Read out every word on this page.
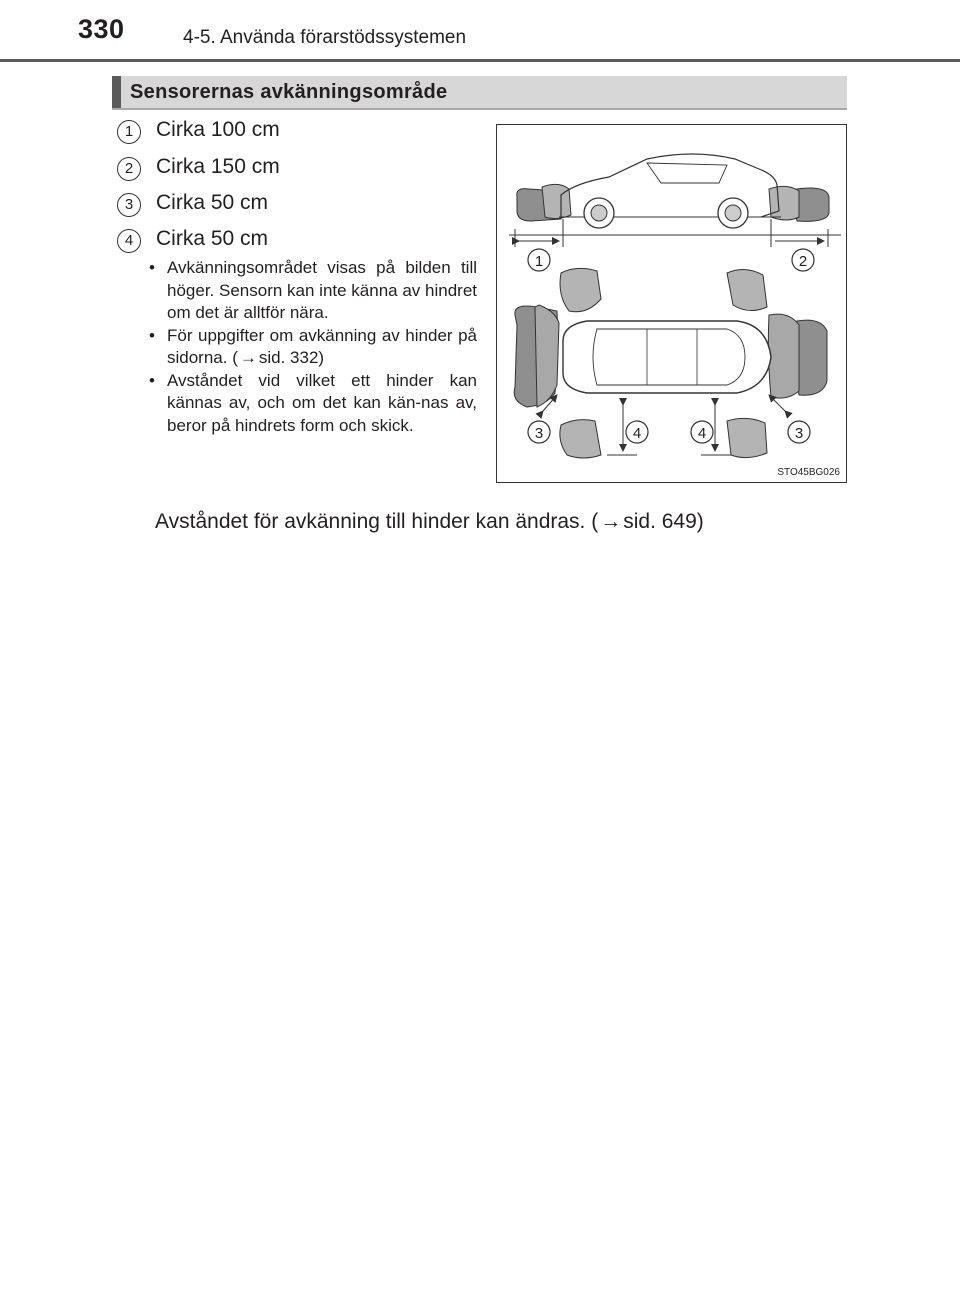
330	4-5. Använda förarstödssystemen
Sensorernas avkänningsområde
1	Cirka 100 cm
2	Cirka 150 cm
3	Cirka 50 cm
4	Cirka 50 cm
• Avkänningsområdet visas på bilden till höger. Sensorn kan inte känna av hindret om det är alltför nära.
• För uppgifter om avkänning av hinder på sidorna. ( → sid. 332)
• Avståndet vid vilket ett hinder kan kännas av, och om det kan kän-nas av, beror på hindrets form och skick.
Avståndet för avkänning till hinder kan ändras. (→sid. 649)
1	2
3	4	4	3
STO45BG026
